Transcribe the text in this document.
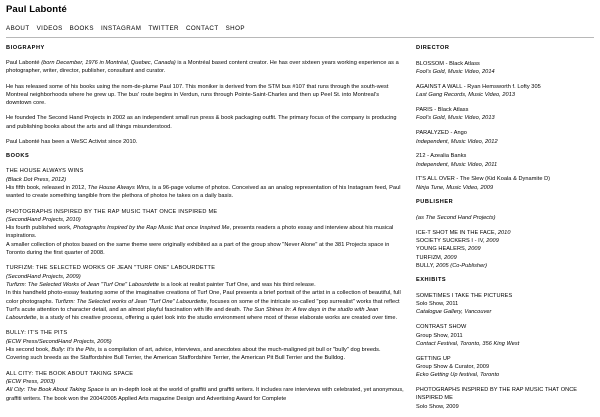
Paul Labonté
ABOUT VIDEOS BOOKS INSTAGRAM TWITTER CONTACT SHOP
BIOGRAPHY

Paul Labonté (born December, 1976 in Montréal, Quebec, Canada) is a Montréal based content creator. He has over sixteen years working experience as a photographer, writer, director, publisher, consultant and curator.

He has released some of his books using the nom-de-plume Paul 107. This moniker is derived from the STM bus #107 that runs through the south-west Montreal neighborhoods where he grew up. The bus' route begins in Verdun, runs through Pointe-Saint-Charles and then up Peel St. into Montreal's downtown core.

He founded The Second Hand Projects in 2002 as an independent small run press & book packaging outfit. The primary focus of the company is producing and publishing books about the arts and all things misunderstood.

Paul Labonté has been a WeSC Activist since 2010.

BOOKS
THE HOUSE ALWAYS WINS
(Black Dot Press, 2012)

His fifth book, released in 2012, The House Always Wins, is a 96-page volume of photos. Conceived as an analog representation of his Instagram feed, Paul wanted to create something tangible from the plethora of photos he takes on a daily basis.

PHOTOGRAPHS INSPIRED BY THE RAP MUSIC THAT ONCE INSPIRED ME
(SecondHand Projects, 2010)

His fourth published work, Photographs Inspired by the Rap Music that once Inspired Me, presents readers a photo essay and interview about his musical inspirations.

A smaller collection of photos based on the same theme were originally exhibited as a part of the group show "Never Alone" at the 381 Projects space in Toronto during the first quarter of 2008.

TURFIZM: THE SELECTED WORKS OF JEAN "TURF ONE" LABOURDETTE
(SecondHand Projects, 2009)

Turfizm: The Selected Works of Jean "Turf One" Labourdette is a look at realist painter Turf One, and was his third release.

In this handheld photo-essay featuring some of the imaginative creations of Turf One, Paul presents a brief portrait of the artist in a collection of beautiful, full color photographs. Turfizm: The Selected works of Jean "Turf One" Labourdette, focuses on some of the intricate so-called "pop surrealist" works that reflect Turf's acute attention to character detail, and an almost playful fascination with life and death. The Sun Shines In: A few days in the studio with Jean Labourdette, is a study of his creative process, offering a quiet look into the studio environment where most of these elaborate works are created over time.

BULLY: IT'S THE PITS
(ECW Press/SecondHand Projects, 2005)

His second book, Bully: It's the Pits, is a compilation of art, advice, interviews, and anecdotes about the much-maligned pit bull or "bully" dog breeds. Covering such breeds as the Staffordshire Bull Terrier, the American Staffordshire Terrier, the American Pit Bull Terrier and the Bulldog.

ALL CITY: THE BOOK ABOUT TAKING SPACE
(ECW Press, 2003)

All City: The Book About Taking Space is an in-depth look at the world of graffiti and graffiti writers. It includes rare interviews with celebrated, yet anonymous, graffiti writers. The book won the 2004/2005 Applied Arts magazine Design and Advertising Award for Complete

DIRECTOR
BLOSSOM - Black Atlass
Fool's Gold, Music Video, 2014
AGAINST A WALL - Ryan Hemsworth f. Lofty 305
Last Gang Records, Music Video, 2013
PARIS - Black Atlass
Fool's Gold, Music Video, 2013
PARALYZED - Ango
Independent, Music Video, 2012
212 - Azealia Banks
Independent, Music Video, 2011
IT'S ALL OVER - The Slew (Kid Koala & Dynamite D)
Ninja Tune, Music Video, 2009
PUBLISHER
(as The Second Hand Projects)
ICE-T SHOT ME IN THE FACE, 2010
SOCIETY SUCKERS I - IV, 2009
YOUNG HEALERS, 2009
TURFIZM, 2009
BULLY, 2005 (Co-Publisher)
EXHIBITS
SOMETIMES I TAKE THE PICTURES
Solo Show, 2011
Catalogue Gallery, Vancouver
CONTRAST SHOW
Group Show, 2011
Contact Festival, Toronto, 356 King West
GETTING UP
Group Show & Curator, 2009
Ecko Getting Up festival, Toronto
PHOTOGRAPHS INSPIRED BY THE RAP MUSIC THAT ONCE INSPIRED ME
Solo Show, 2009
